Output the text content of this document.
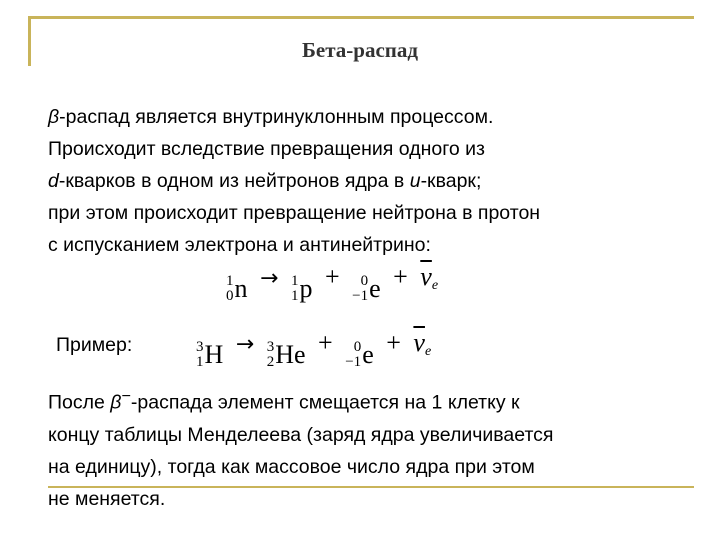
Бета-распад
β-распад является внутринуклонным процессом.
Происходит вследствие превращения одного из
d-кварков в одном из нейтронов ядра в u-кварк;
при этом происходит превращение нейтрона в протон
с испусканием электрона и антинейтрино:
1
0 n → 1
1 p +	0
−1 $e + \overline{\nu}e$
Пример:	3
1 H → 3
2 He +	0
−1 $e + \overline{\nu}e$
После β−-распада элемент смещается на 1 клетку к
концу таблицы Менделеева (заряд ядра увеличивается
на единицу), тогда как массовое число ядра при этом
не меняется.
